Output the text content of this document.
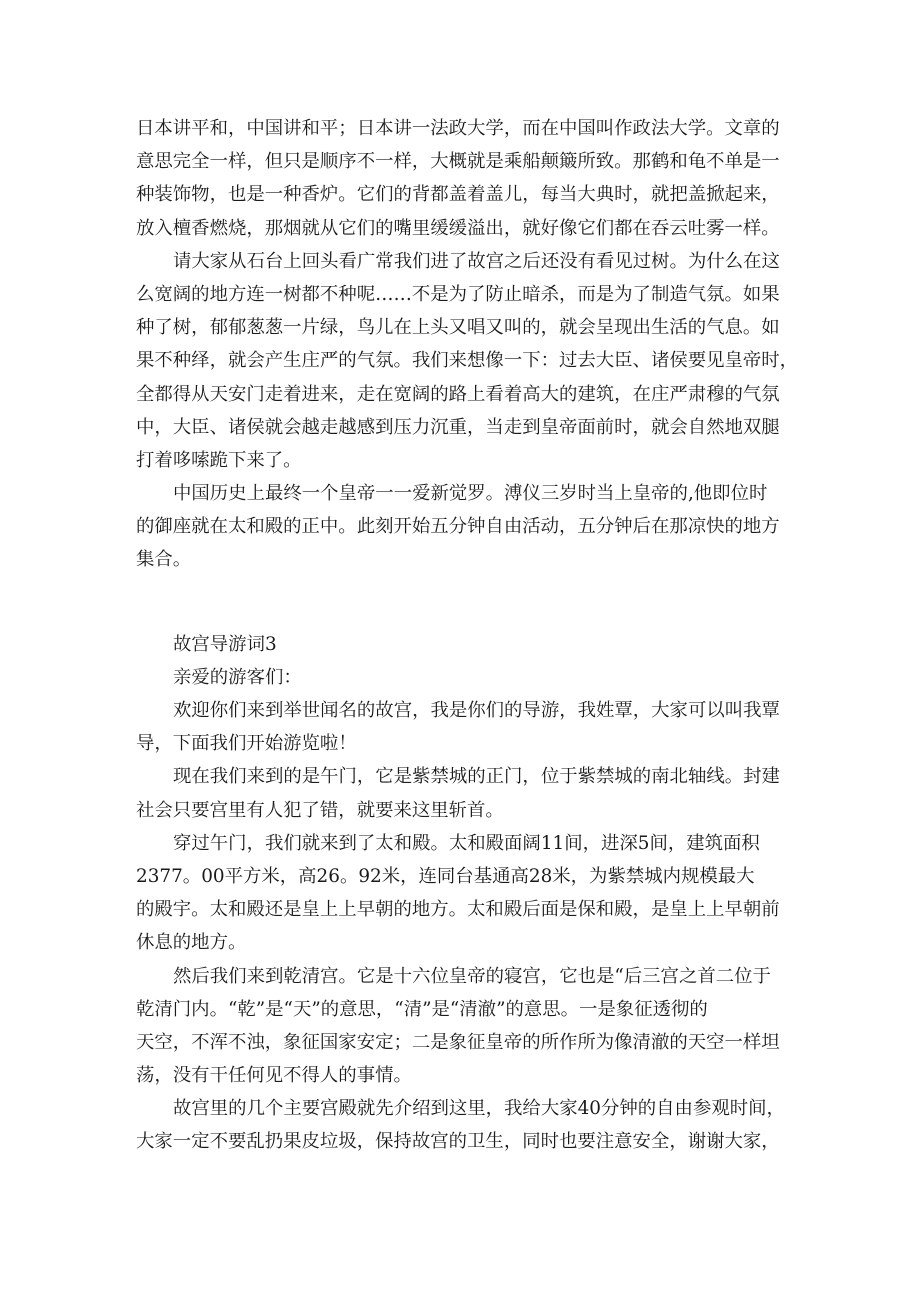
日本讲平和，中国讲和平；日本讲一法政大学，而在中国叫作政法大学。文章的
意思完全一样，但只是顺序不一样，大概就是乘船颠簸所致。那鹤和龟不单是一
种装饰物，也是一种香炉。它们的背都盖着盖儿，每当大典时，就把盖掀起来，
放入檀香燃烧，那烟就从它们的嘴里缓缓溢出，就好像它们都在吞云吐雾一样。
请大家从石台上回头看广常我们进了故宫之后还没有看见过树。为什么在这
么宽阔的地方连一树都不种呢……不是为了防止暗杀，而是为了制造气氛。如果
种了树，郁郁葱葱一片绿，鸟儿在上头又唱又叫的，就会呈现出生活的气息。如
果不种绎，就会产生庄严的气氛。我们来想像一下：过去大臣、诸侯要见皇帝时，
全都得从天安门走着进来，走在宽阔的路上看着高大的建筑，在庄严肃穆的气氛
中，大臣、诸侯就会越走越感到压力沉重，当走到皇帝面前时，就会自然地双腿
打着哆嗦跪下来了。
中国历史上最终一个皇帝一一爱新觉罗。溥仪三岁时当上皇帝的,他即位时
的御座就在太和殿的正中。此刻开始五分钟自由活动，五分钟后在那凉快的地方
集合。
故宫导游词3
亲爱的游客们：
欢迎你们来到举世闻名的故宫，我是你们的导游，我姓覃，大家可以叫我覃
导，下面我们开始游览啦！
现在我们来到的是午门，它是紫禁城的正门，位于紫禁城的南北轴线。封建
社会只要宫里有人犯了错，就要来这里斩首。
穿过午门，我们就来到了太和殿。太和殿面阔11间，进深5间，建筑面积
2377。00平方米，高26。92米，连同台基通高28米，为紫禁城内规模最大
的殿宇。太和殿还是皇上上早朝的地方。太和殿后面是保和殿，是皇上上早朝前
休息的地方。
然后我们来到乾清宫。它是十六位皇帝的寝宫，它也是“后三宫之首二位于
乾清门内。“乾”是“天”的意思，“清”是“清澈”的意思。一是象征透彻的
天空，不浑不浊，象征国家安定；二是象征皇帝的所作所为像清澈的天空一样坦
荡，没有干任何见不得人的事情。
故宫里的几个主要宫殿就先介绍到这里，我给大家40分钟的自由参观时间，
大家一定不要乱扔果皮垃圾，保持故宫的卫生，同时也要注意安全，谢谢大家，
